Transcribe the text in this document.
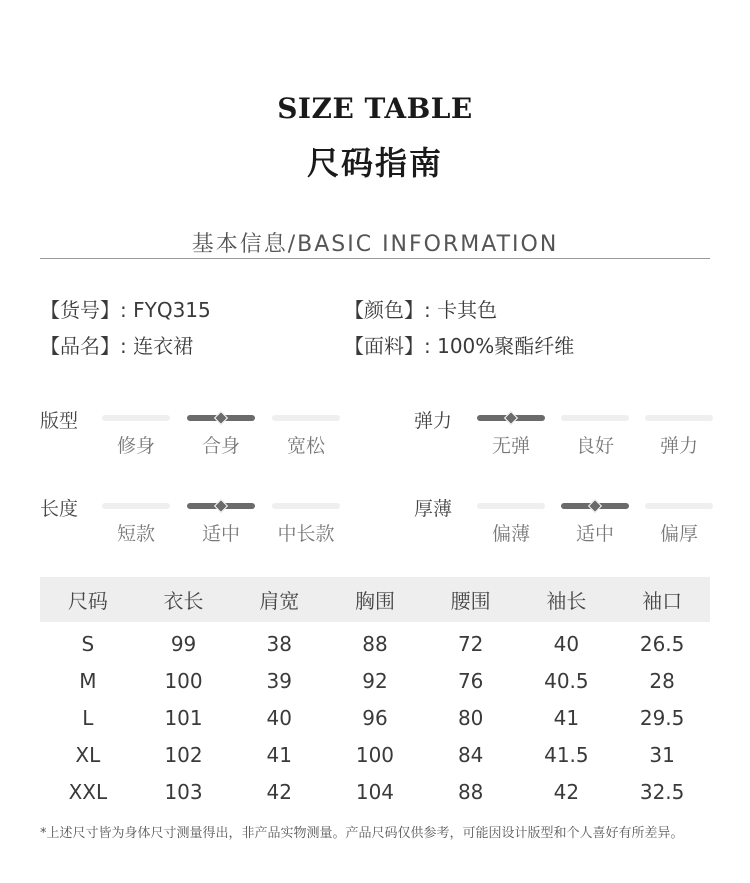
SIZE TABLE
尺码指南
基本信息/BASIC INFORMATION
【货号】: FYQ315	【颜色】: 卡其色
【品名】: 连衣裙	【面料】: 100%聚酯纤维
版型
修身	合身	宽松
弹力
无弹	良好	弹力
长度
短款	适中	中长款
厚薄
偏薄	适中	偏厚
尺码	衣长	肩宽	胸围	腰围	袖长	袖口
S	99	38	88	72	40	26.5
M	100	39	92	76	40.5	28
L	101	40	96	80	41	29.5
XL	102	41	100	84	41.5	31
XXL	103	42	104	88	42	32.5
*上述尺寸皆为身体尺寸测量得出，非产品实物测量。产品尺码仅供参考，可能因设计版型和个人喜好有所差异。
